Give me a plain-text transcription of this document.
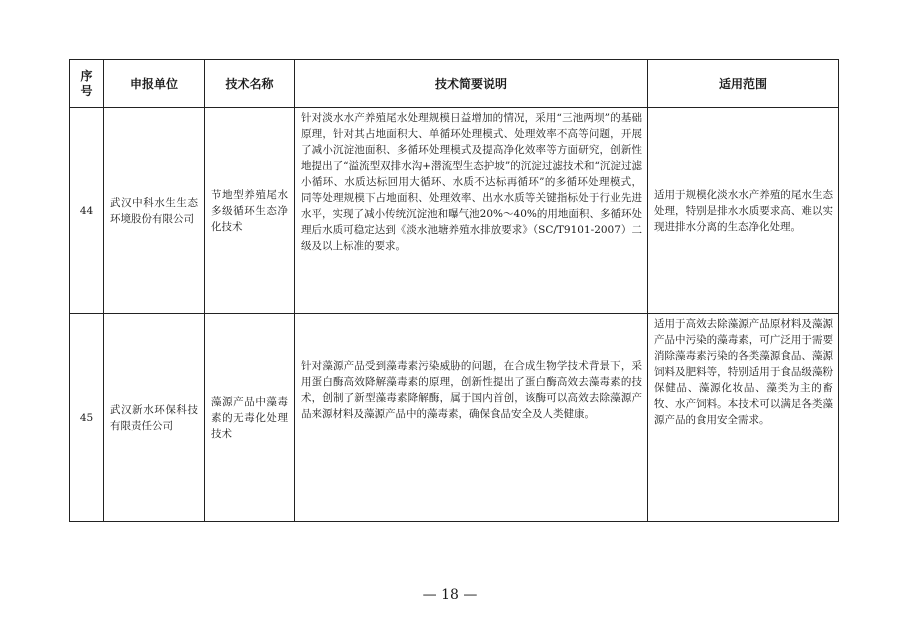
序号	申报单位	技术名称	技术简要说明	适用范围
44	武汉中科水生生态环境股份有限公司	节地型养殖尾水多级循环生态净化技术	针对淡水水产养殖尾水处理规模日益增加的情况，采用“三池两坝”的基础原理，针对其占地面积大、单循环处理模式、处理效率不高等问题，开展了减小沉淀池面积、多循环处理模式及提高净化效率等方面研究，创新性地提出了“溢流型双排水沟+潜流型生态护坡”的沉淀过滤技术和“沉淀过滤小循环、水质达标回用大循环、水质不达标再循环”的多循环处理模式，同等处理规模下占地面积、处理效率、出水水质等关键指标处于行业先进水平，实现了减小传统沉淀池和曝气池20%～40%的用地面积、多循环处理后水质可稳定达到《淡水池塘养殖水排放要求》（SC/T9101-2007）二级及以上标准的要求。	适用于规模化淡水水产养殖的尾水生态处理，特别是排水水质要求高、难以实现进排水分离的生态净化处理。
45	武汉新水环保科技有限责任公司	藻源产品中藻毒素的无毒化处理技术	针对藻源产品受到藻毒素污染威胁的问题，在合成生物学技术背景下，采用蛋白酶高效降解藻毒素的原理，创新性提出了蛋白酶高效去藻毒素的技术，创制了新型藻毒素降解酶，属于国内首创，该酶可以高效去除藻源产品来源材料及藻源产品中的藻毒素，确保食品安全及人类健康。	适用于高效去除藻源产品原材料及藻源产品中污染的藻毒素，可广泛用于需要消除藻毒素污染的各类藻源食品、藻源饲料及肥料等，特别适用于食品级藻粉保健品、藻源化妆品、藻类为主的畜牧、水产饲料。本技术可以满足各类藻源产品的食用安全需求。
— 18 —
